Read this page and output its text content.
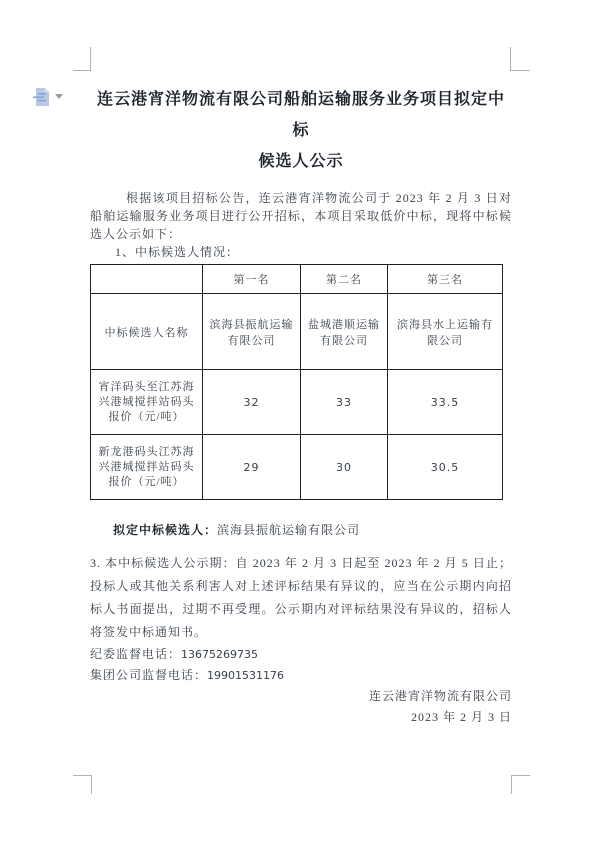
连云港宵洋物流有限公司船舶运输服务业务项目拟定中标
候选人公示

根据该项目招标公告，连云港宵洋物流公司于 2023 年 2 月 3 日对船舶运输服务业务项目进行公开招标，本项目采取低价中标，现将中标候选人公示如下：

1、中标候选人情况：

	第一名	第二名	第三名
中标候选人名称	滨海县振航运输有限公司	盐城港顺运输有限公司	滨海县水上运输有限公司
宵洋码头至江苏海兴港城搅拌站码头报价（元/吨）	32	33	33.5
新龙港码头江苏海兴港城搅拌站码头报价（元/吨）	29	30	30.5

拟定中标候选人：滨海县振航运输有限公司

3. 本中标候选人公示期：自 2023 年 2 月 3 日起至 2023 年 2 月 5 日止；投标人或其他关系利害人对上述评标结果有异议的，应当在公示期内向招标人书面提出，过期不再受理。公示期内对评标结果没有异议的，招标人将签发中标通知书。

纪委监督电话：13675269735

集团公司监督电话：19901531176

连云港宵洋物流有限公司
2023 年 2 月 3 日
